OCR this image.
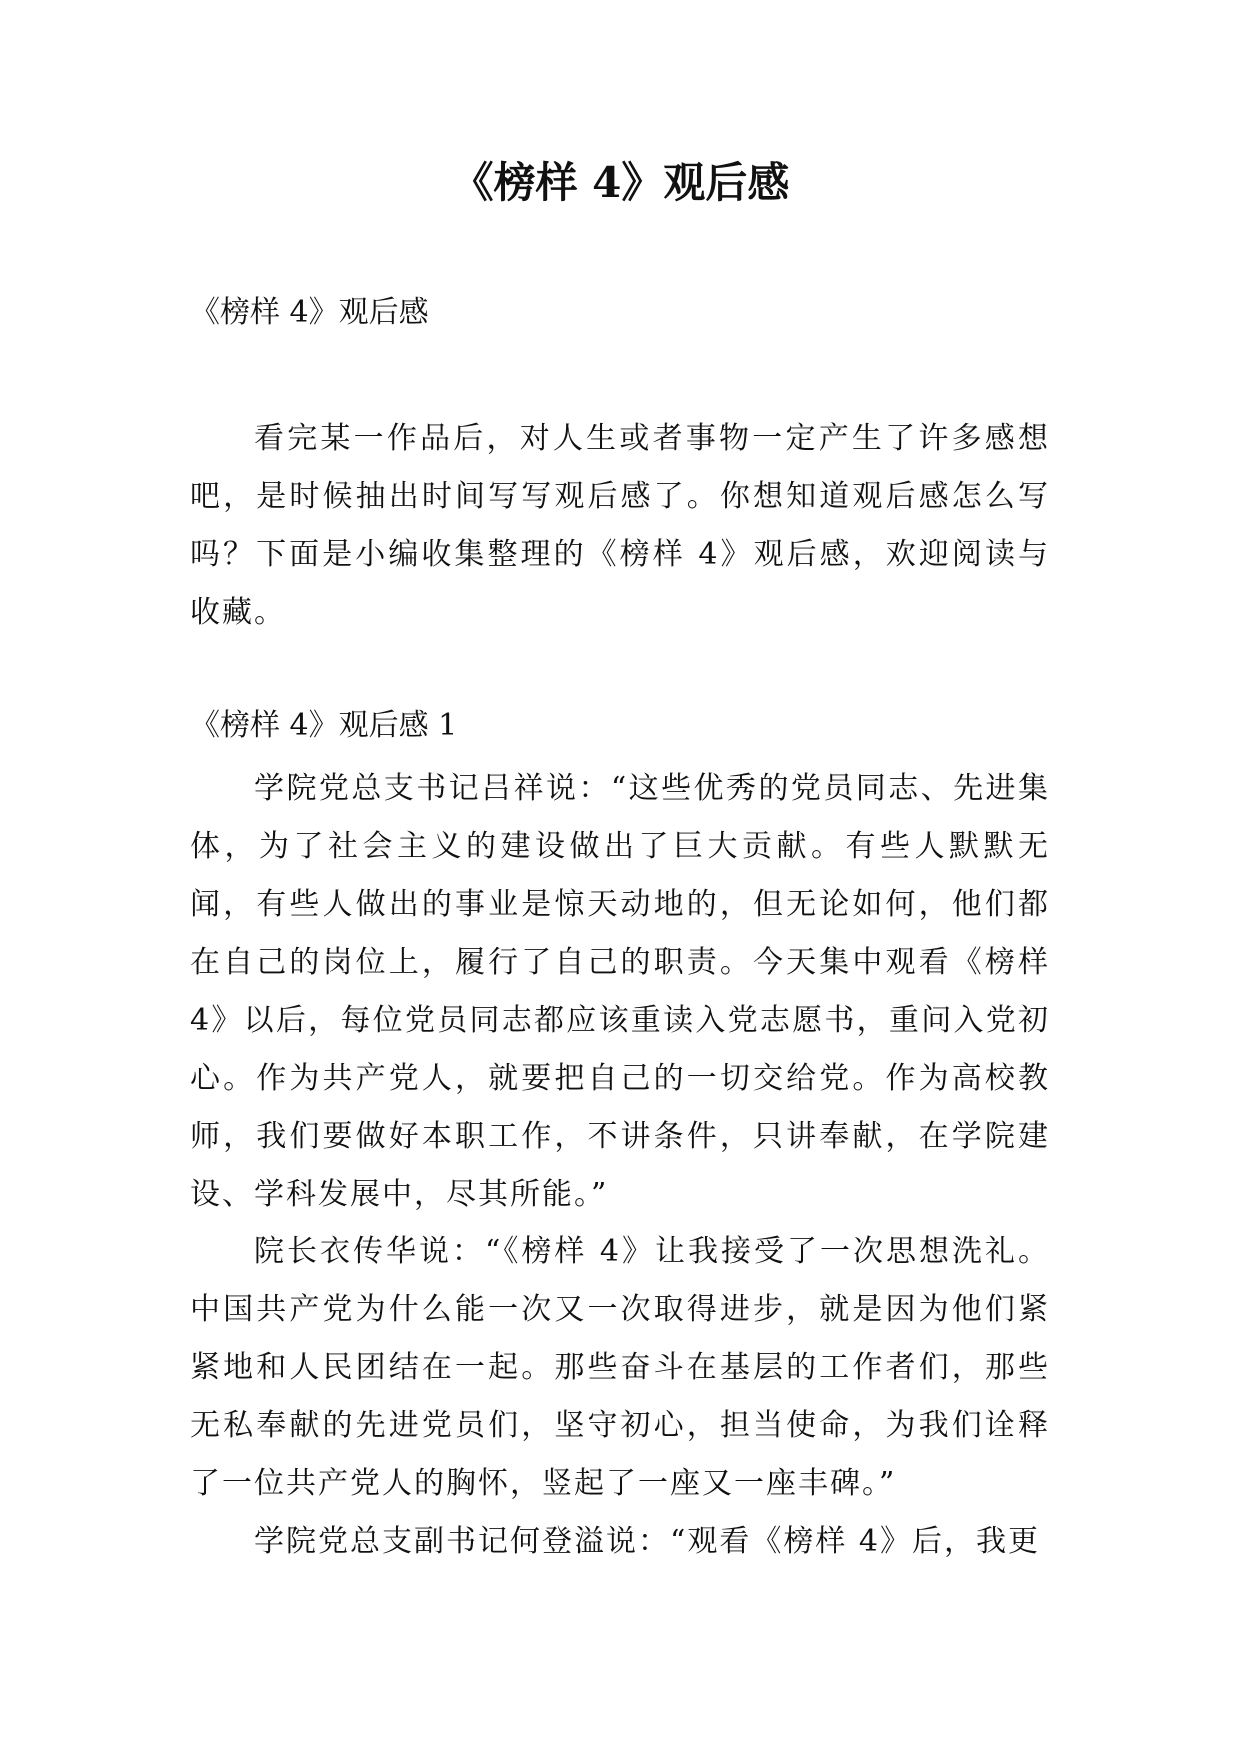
《榜样 4》观后感

《榜样 4》观后感

看完某一作品后，对人生或者事物一定产生了许多感想吧，是时候抽出时间写写观后感了。你想知道观后感怎么写吗？下面是小编收集整理的《榜样 4》观后感，欢迎阅读与收藏。

《榜样 4》观后感 1

学院党总支书记吕祥说：“这些优秀的党员同志、先进集体，为了社会主义的建设做出了巨大贡献。有些人默默无闻，有些人做出的事业是惊天动地的，但无论如何，他们都在自己的岗位上，履行了自己的职责。今天集中观看《榜样 4》以后，每位党员同志都应该重读入党志愿书，重问入党初心。作为共产党人，就要把自己的一切交给党。作为高校教师，我们要做好本职工作，不讲条件，只讲奉献，在学院建设、学科发展中，尽其所能。”

院长衣传华说：“《榜样 4》让我接受了一次思想洗礼。中国共产党为什么能一次又一次取得进步，就是因为他们紧紧地和人民团结在一起。那些奋斗在基层的工作者们，那些无私奉献的先进党员们，坚守初心，担当使命，为我们诠释了一位共产党人的胸怀，竖起了一座又一座丰碑。”

学院党总支副书记何登溢说：“观看《榜样 4》后，我更
